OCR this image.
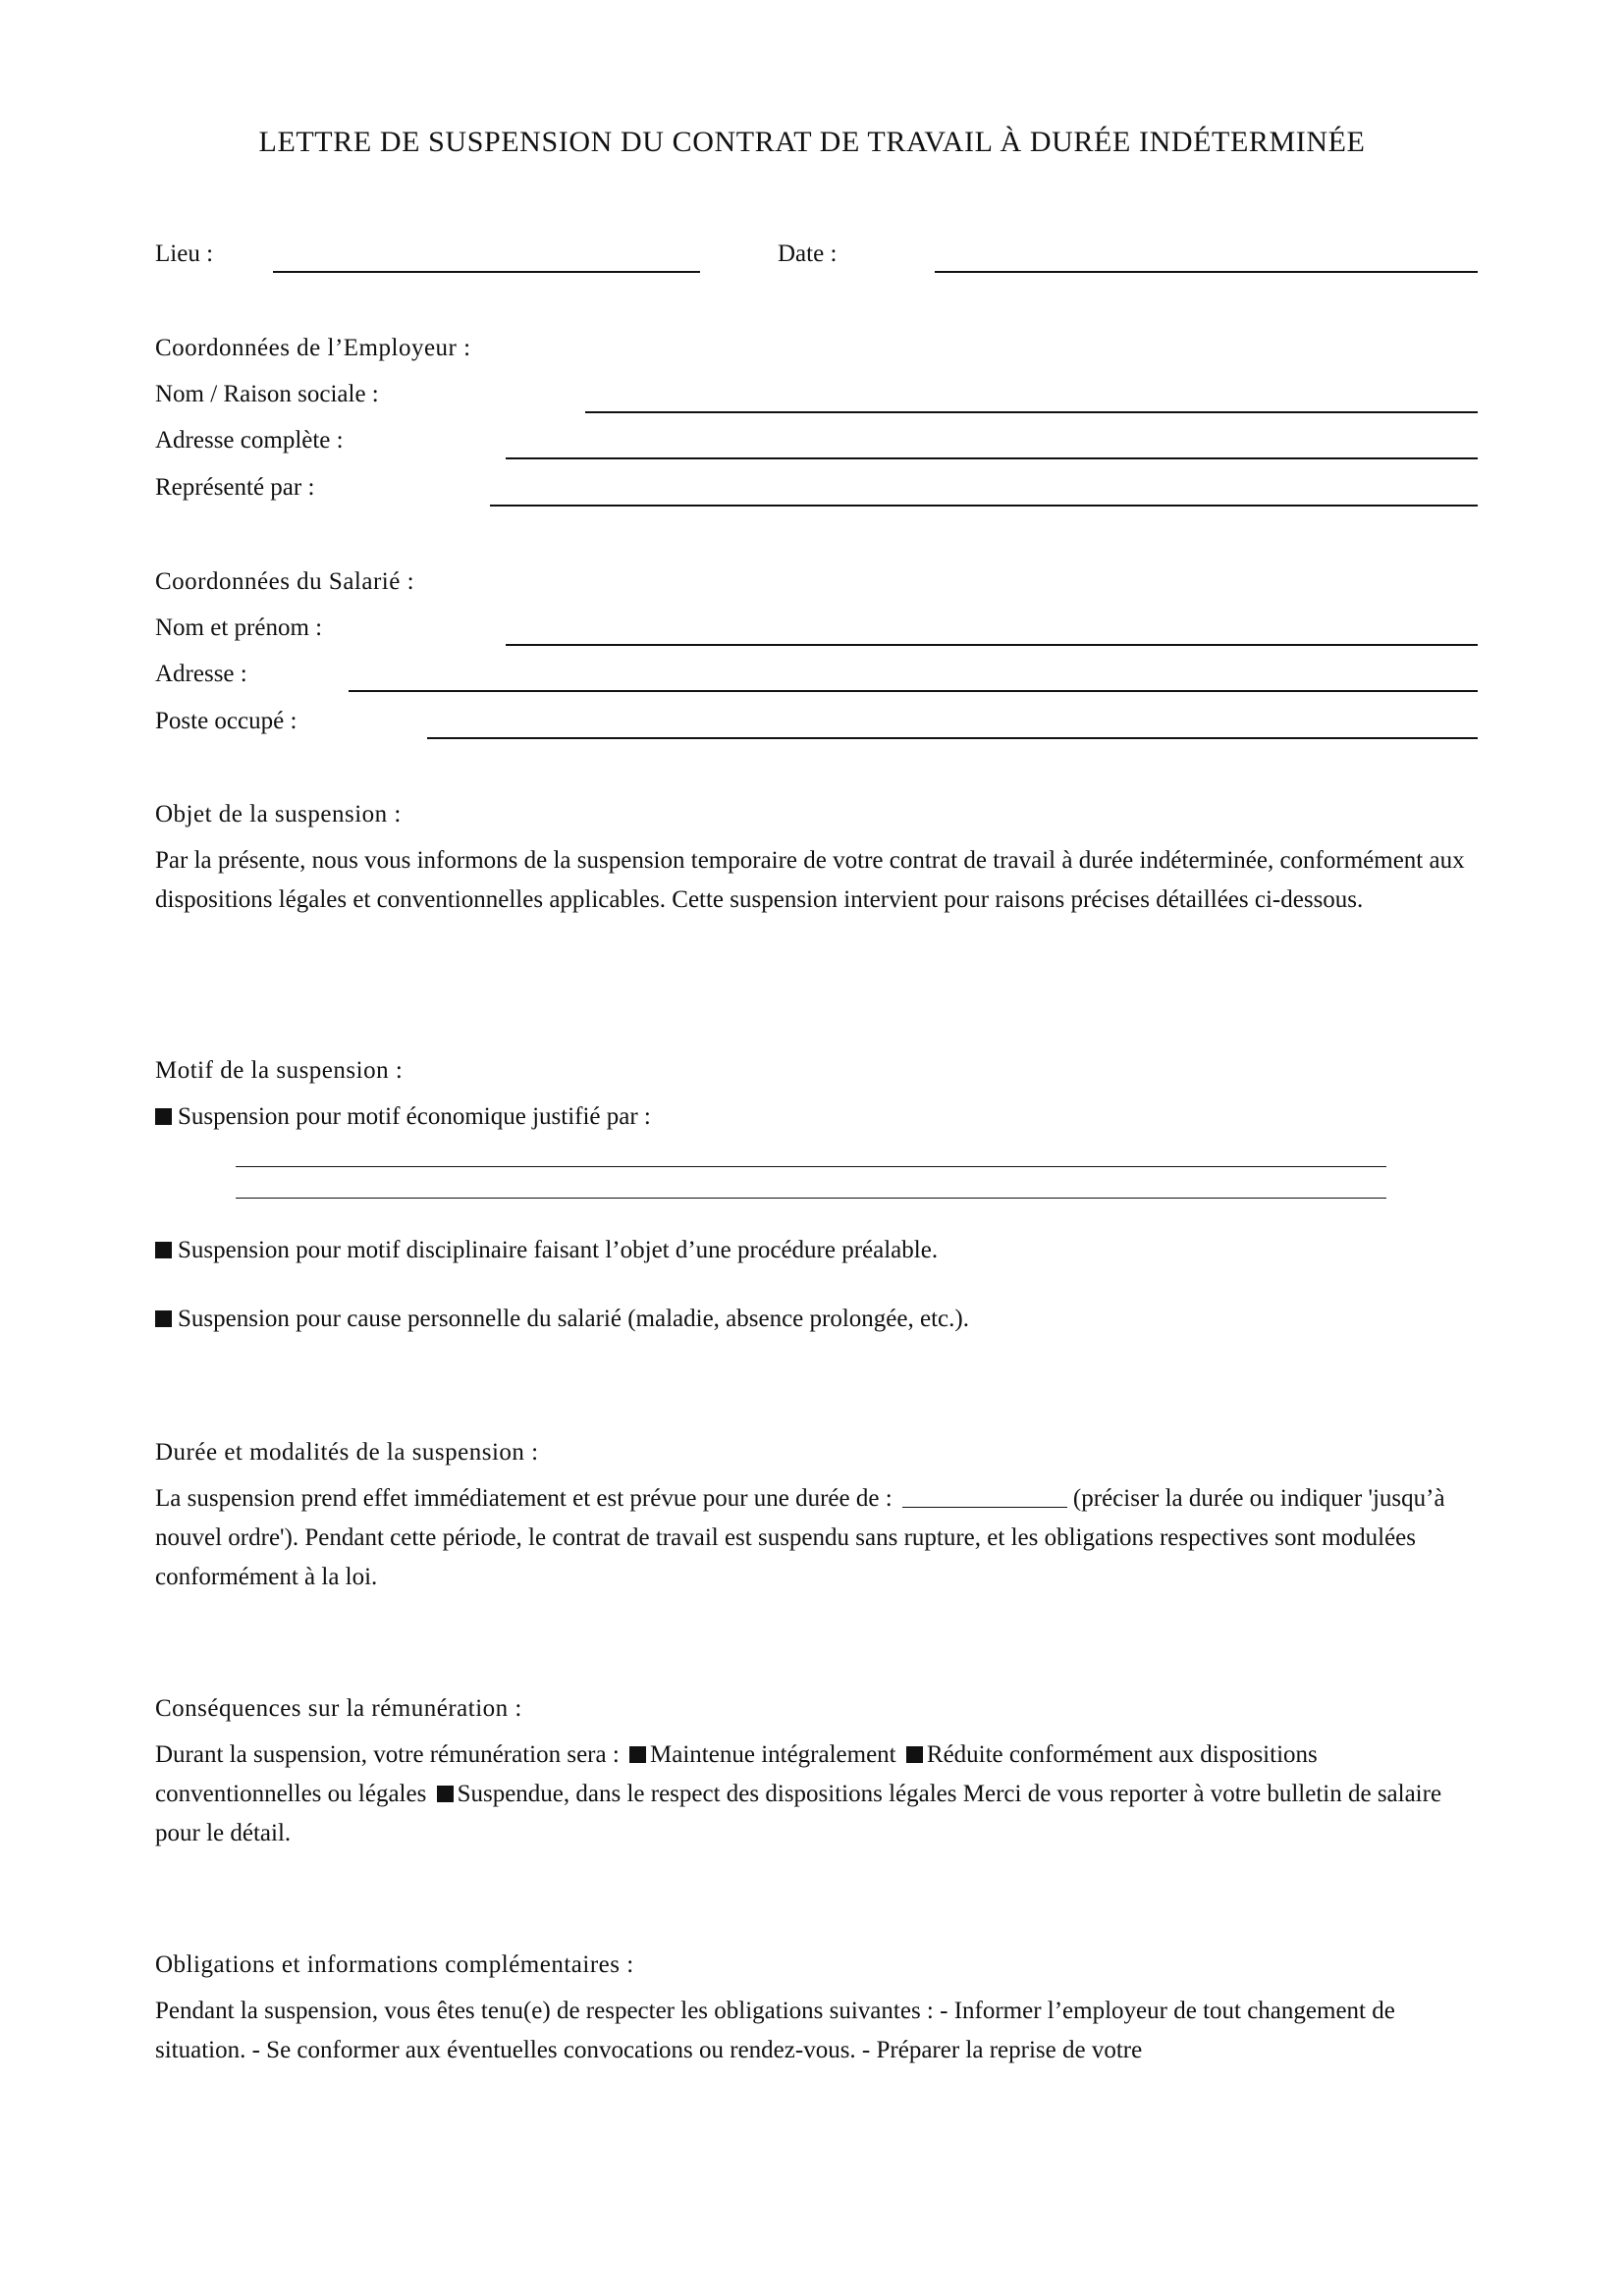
LETTRE DE SUSPENSION DU CONTRAT DE TRAVAIL À DURÉE INDÉTERMINÉE
Lieu :	Date :
Coordonnées de l’Employeur :
Nom / Raison sociale :
Adresse complète :
Représenté par :
Coordonnées du Salarié :
Nom et prénom :
Adresse :
Poste occupé :
Objet de la suspension :
Par la présente, nous vous informons de la suspension temporaire de votre contrat de travail à durée indéterminée, conformément aux dispositions légales et conventionnelles applicables. Cette suspension intervient pour raisons précises détaillées ci-dessous.
Motif de la suspension :
Suspension pour motif économique justifié par :
Suspension pour motif disciplinaire faisant l’objet d’une procédure préalable.
Suspension pour cause personnelle du salarié (maladie, absence prolongée, etc.).
Durée et modalités de la suspension :
La suspension prend effet immédiatement et est prévue pour une durée de :	(préciser la durée ou indiquer 'jusqu’à nouvel ordre'). Pendant cette période, le contrat de travail est suspendu sans rupture, et les obligations respectives sont modulées conformément à la loi.
Conséquences sur la rémunération :
Durant la suspension, votre rémunération sera : Maintenue intégralement Réduite conformément aux dispositions conventionnelles ou légales Suspendue, dans le respect des dispositions légales Merci de vous reporter à votre bulletin de salaire pour le détail.
Obligations et informations complémentaires :
Pendant la suspension, vous êtes tenu(e) de respecter les obligations suivantes : - Informer l’employeur de tout changement de situation. - Se conformer aux éventuelles convocations ou rendez-vous. - Préparer la reprise de votre
